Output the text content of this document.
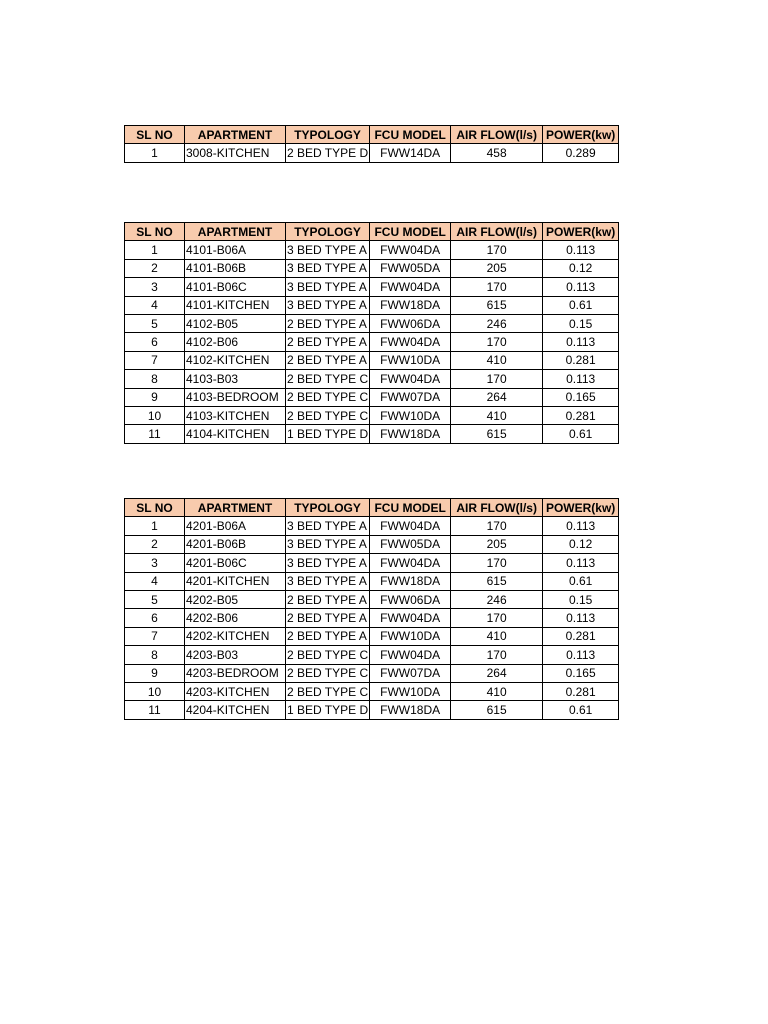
SL NO	APARTMENT	TYPOLOGY	FCU MODEL	AIR FLOW(l/s)	POWER(kw)
1	3008-KITCHEN	2 BED TYPE D	FWW14DA	458	0.289
SL NO	APARTMENT	TYPOLOGY	FCU MODEL	AIR FLOW(l/s)	POWER(kw)
1	4101-B06A	3 BED TYPE A	FWW04DA	170	0.113
2	4101-B06B	3 BED TYPE A	FWW05DA	205	0.12
3	4101-B06C	3 BED TYPE A	FWW04DA	170	0.113
4	4101-KITCHEN	3 BED TYPE A	FWW18DA	615	0.61
5	4102-B05	2 BED TYPE A	FWW06DA	246	0.15
6	4102-B06	2 BED TYPE A	FWW04DA	170	0.113
7	4102-KITCHEN	2 BED TYPE A	FWW10DA	410	0.281
8	4103-B03	2 BED TYPE C	FWW04DA	170	0.113
9	4103-BEDROOM	2 BED TYPE C	FWW07DA	264	0.165
10	4103-KITCHEN	2 BED TYPE C	FWW10DA	410	0.281
11	4104-KITCHEN	1 BED TYPE D	FWW18DA	615	0.61
SL NO	APARTMENT	TYPOLOGY	FCU MODEL	AIR FLOW(l/s)	POWER(kw)
1	4201-B06A	3 BED TYPE A	FWW04DA	170	0.113
2	4201-B06B	3 BED TYPE A	FWW05DA	205	0.12
3	4201-B06C	3 BED TYPE A	FWW04DA	170	0.113
4	4201-KITCHEN	3 BED TYPE A	FWW18DA	615	0.61
5	4202-B05	2 BED TYPE A	FWW06DA	246	0.15
6	4202-B06	2 BED TYPE A	FWW04DA	170	0.113
7	4202-KITCHEN	2 BED TYPE A	FWW10DA	410	0.281
8	4203-B03	2 BED TYPE C	FWW04DA	170	0.113
9	4203-BEDROOM	2 BED TYPE C	FWW07DA	264	0.165
10	4203-KITCHEN	2 BED TYPE C	FWW10DA	410	0.281
11	4204-KITCHEN	1 BED TYPE D	FWW18DA	615	0.61
